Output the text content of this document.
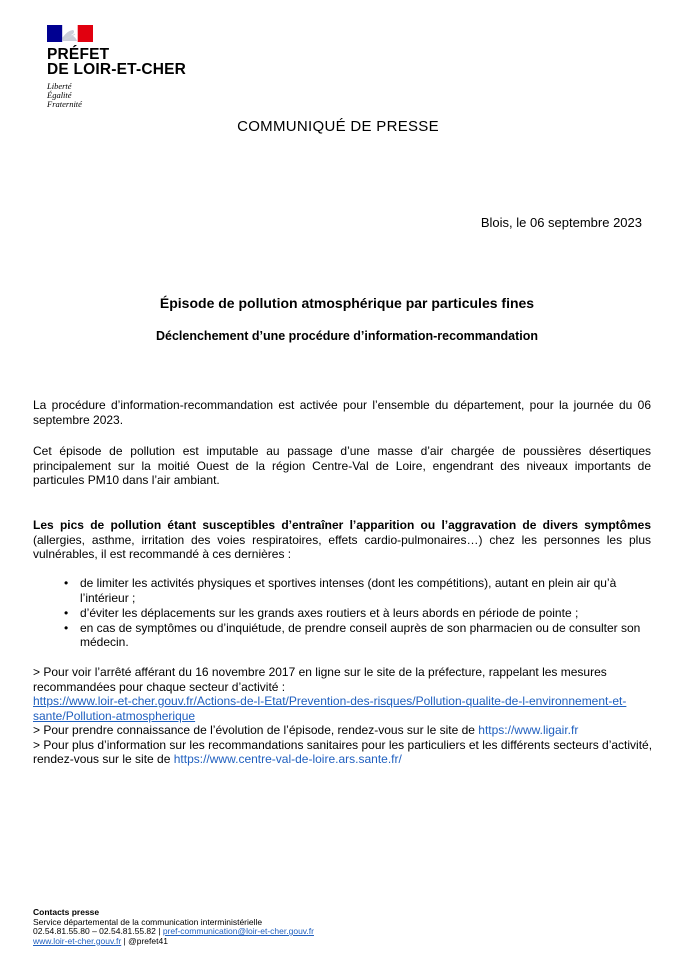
PRÉFET
DE LOIR-ET-CHER
Liberté
Égalité
Fraternité
COMMUNIQUÉ DE PRESSE
Blois, le 06 septembre 2023
Épisode de pollution atmosphérique par particules fines
Déclenchement d’une procédure d’information-recommandation

La procédure d’information-recommandation est activée pour l’ensemble du département, pour la journée du 06 septembre 2023.

Cet épisode de pollution est imputable au passage d’une masse d’air chargée de poussières désertiques principalement sur la moitié Ouest de la région Centre-Val de Loire, engendrant des niveaux importants de particules PM10 dans l’air ambiant.

Les pics de pollution étant susceptibles d’entraîner l’apparition ou l’aggravation de divers symptômes (allergies, asthme, irritation des voies respiratoires, effets cardio-pulmonaires…) chez les personnes les plus vulnérables, il est recommandé à ces dernières :

• de limiter les activités physiques et sportives intenses (dont les compétitions), autant en plein air qu’à l’intérieur ;
• d’éviter les déplacements sur les grands axes routiers et à leurs abords en période de pointe ;
• en cas de symptômes ou d’inquiétude, de prendre conseil auprès de son pharmacien ou de consulter son médecin.
> Pour voir l’arrêté afférant du 16 novembre 2017 en ligne sur le site de la préfecture, rappelant les mesures recommandées pour chaque secteur d’activité :
https://www.loir-et-cher.gouv.fr/Actions-de-l-Etat/Prevention-des-risques/Pollution-qualite-de-l-environnement-et-sante/Pollution-atmospherique
> Pour prendre connaissance de l’évolution de l’épisode, rendez-vous sur le site de https://www.ligair.fr
> Pour plus d’information sur les recommandations sanitaires pour les particuliers et les différents secteurs d’activité, rendez-vous sur le site de https://www.centre-val-de-loire.ars.sante.fr/
Contacts presse
Service départemental de la communication interministérielle
02.54.81.55.80 – 02.54.81.55.82 | pref-communication@loir-et-cher.gouv.fr
www.loir-et-cher.gouv.fr | @prefet41
